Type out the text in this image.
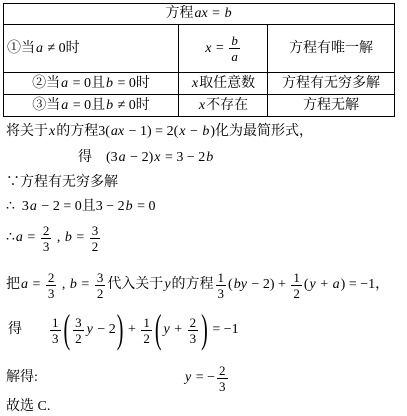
方程ax = b		
①当a ≠ 0时	$x = \frac{b}{a}$	方程有唯一解
②当a = 0且b = 0时	x取任意数	方程有无穷多解
③当a = 0且b ≠ 0时	x不存在	方程无解
将关于 x 的方程3( ax − 1) = 2( x − b )化为最简形式，
得 (3 a − 2) x = 3 − 2 b
∵方程有无穷多解
∴  3 a − 2 = 0且3 − 2 b = 0
∴ $a = \frac{2}{3}$ , $b = \frac{3}{2}$
把 $a = \frac{2}{3}$ , $b = \frac{3}{2}$ 代入关于 y 的方程 $\frac{1}{3}$ ( by − $2) + \frac{1}{2}$ ( y + a ) = −1，
得 $\frac{1}{3}$ ( $\frac{3}{2}$ y − 2 ) + $\frac{1}{2}$ ( $y + \frac{2}{3}$ ) = −1
解得:	y = − $\frac{2}{3}$
故选 C.
